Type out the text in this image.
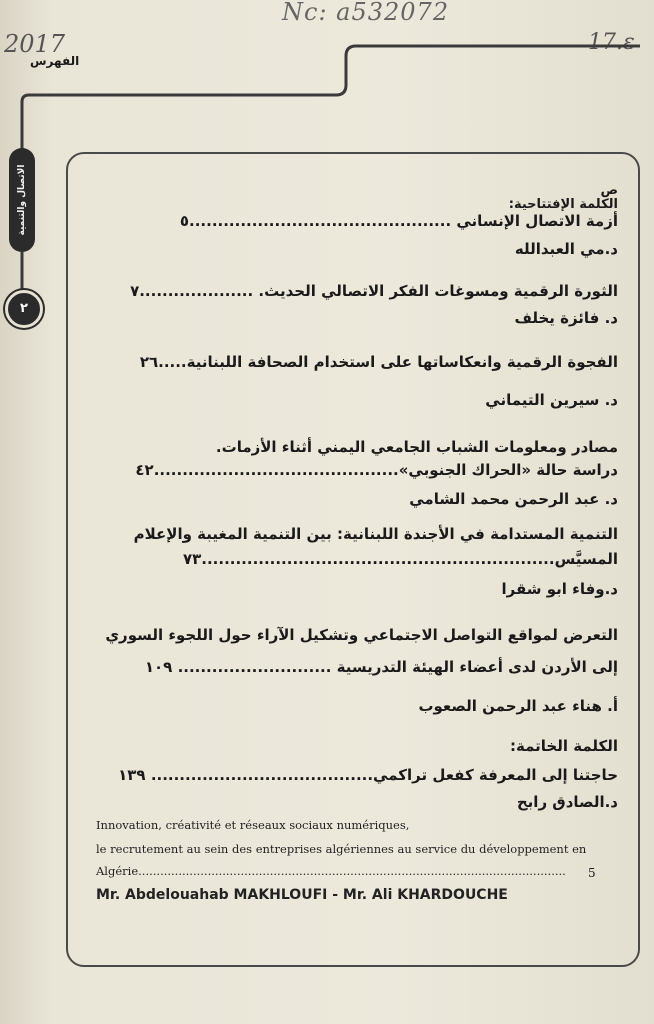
Nc: a532072
2017	17.ε
الفهرس
الاتصال والتنمية
٢
ص
الكلمة الإفتتاحية:
أزمة الاتصال الإنساني ..............................................٥
د.مي العبدالله
الثورة الرقمية ومسوغات الفكر الاتصالي الحديث. ....................٧
د. فائزة يخلف
الفجوة الرقمية وانعكاساتها على استخدام الصحافة اللبنانية.....٢٦
د. سيرين التيماني
مصادر ومعلومات الشباب الجامعي اليمني أثناء الأزمات.
دراسة حالة «الحراك الجنوبي»...........................................٤٢
د. عبد الرحمن محمد الشامي
التنمية المستدامة في الأجندة اللبنانية: بين التنمية المغيبة والإعلام
المسيَّس..............................................................٧٣
د.وفاء ابو شقرا
التعرض لمواقع التواصل الاجتماعي وتشكيل الآراء حول اللجوء السوري
إلى الأردن لدى أعضاء الهيئة التدريسية ........................... ١٠٩
أ. هناء عبد الرحمن الصعوب
الكلمة الخاتمة:
حاجتنا إلى المعرفة كفعل تراكمي....................................... ١٣٩
د.الصادق رابح
Innovation, créativité et réseaux sociaux numériques,
le recrutement au sein des entreprises algériennes au service du développement en
Algérie.....................................................................................................................	5
Mr. Abdelouahab MAKHLOUFI - Mr. Ali KHARDOUCHE
